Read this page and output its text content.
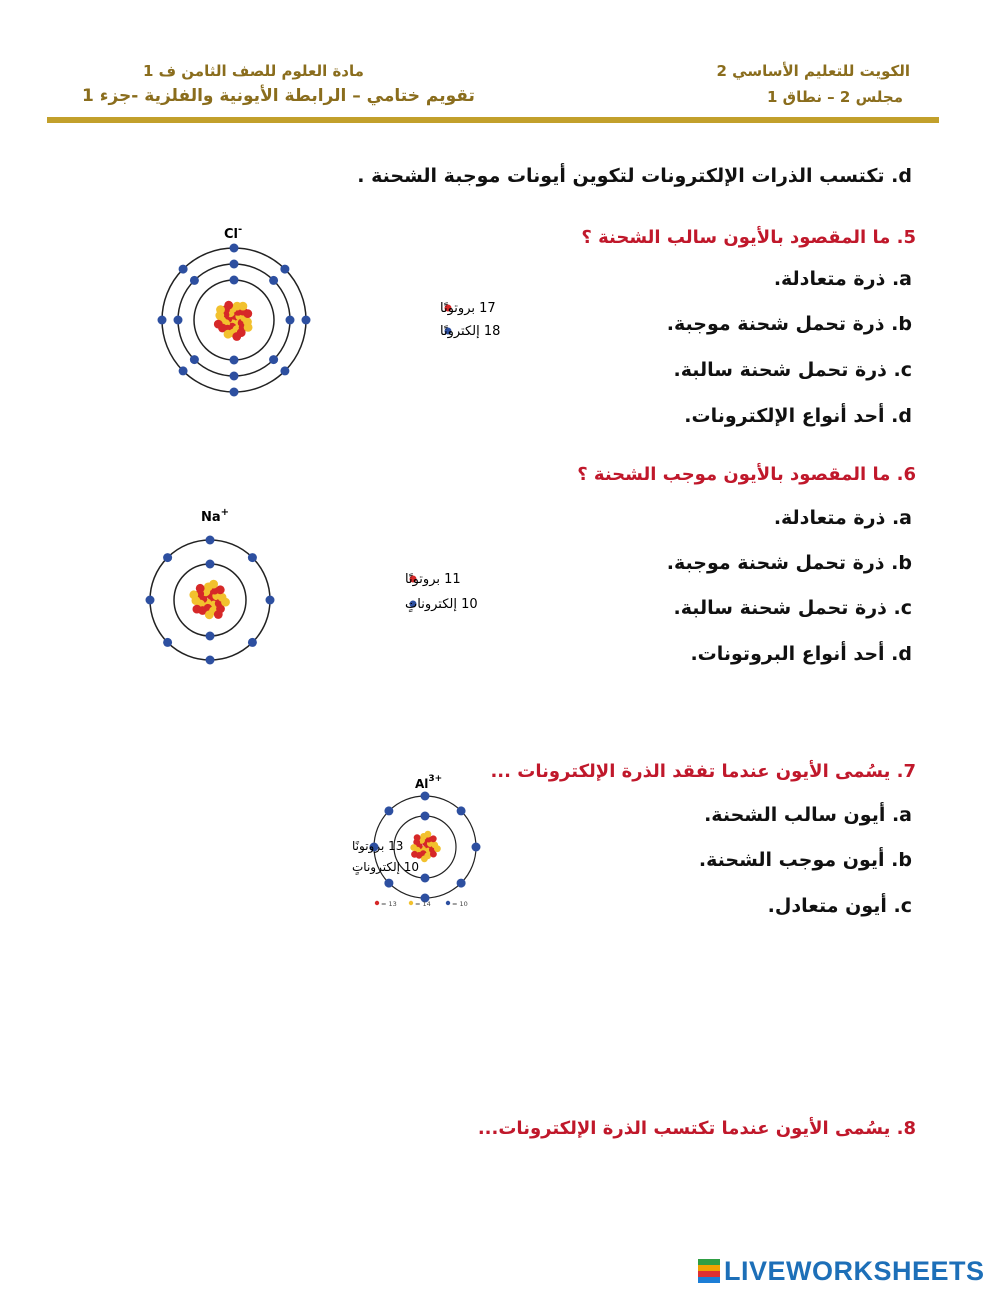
الكويت للتعليم الأساسي 2
مجلس 2 – نطاق 1
مادة العلوم للصف الثامن ف 1
تقويم ختامي – الرابطة الأيونية والفلزية -جزء 1
d. تكتسب الذرات الإلكترونات لتكوين أيونات موجبة الشحنة .
5. ما المقصود بالأيون سالب الشحنة ؟
a. ذرة متعادلة.
b. ذرة تحمل شحنة موجبة.
c. ذرة تحمل شحنة سالبة.
d. أحد أنواع الإلكترونات.
Cl-
17 بروتونًا
18 إلكترونًا
6. ما المقصود بالأيون موجب الشحنة ؟
a. ذرة متعادلة.
b. ذرة تحمل شحنة موجبة.
c. ذرة تحمل شحنة سالبة.
d. أحد أنواع البروتونات.
Na+
11 بروتونًا
10 إلكتروناتٍ
7. يسُمى الأيون عندما تفقد الذرة الإلكترونات ...
a. أيون سالب الشحنة.
b. أيون موجب الشحنة.
c. أيون متعادل.
$Al^{3+}$
13 بروتونًا
10 إلكتروناتٍ
= 13	= 14	= 10
8. يسُمى الأيون عندما تكتسب الذرة الإلكترونات...
LIVEWORKSHEETS
